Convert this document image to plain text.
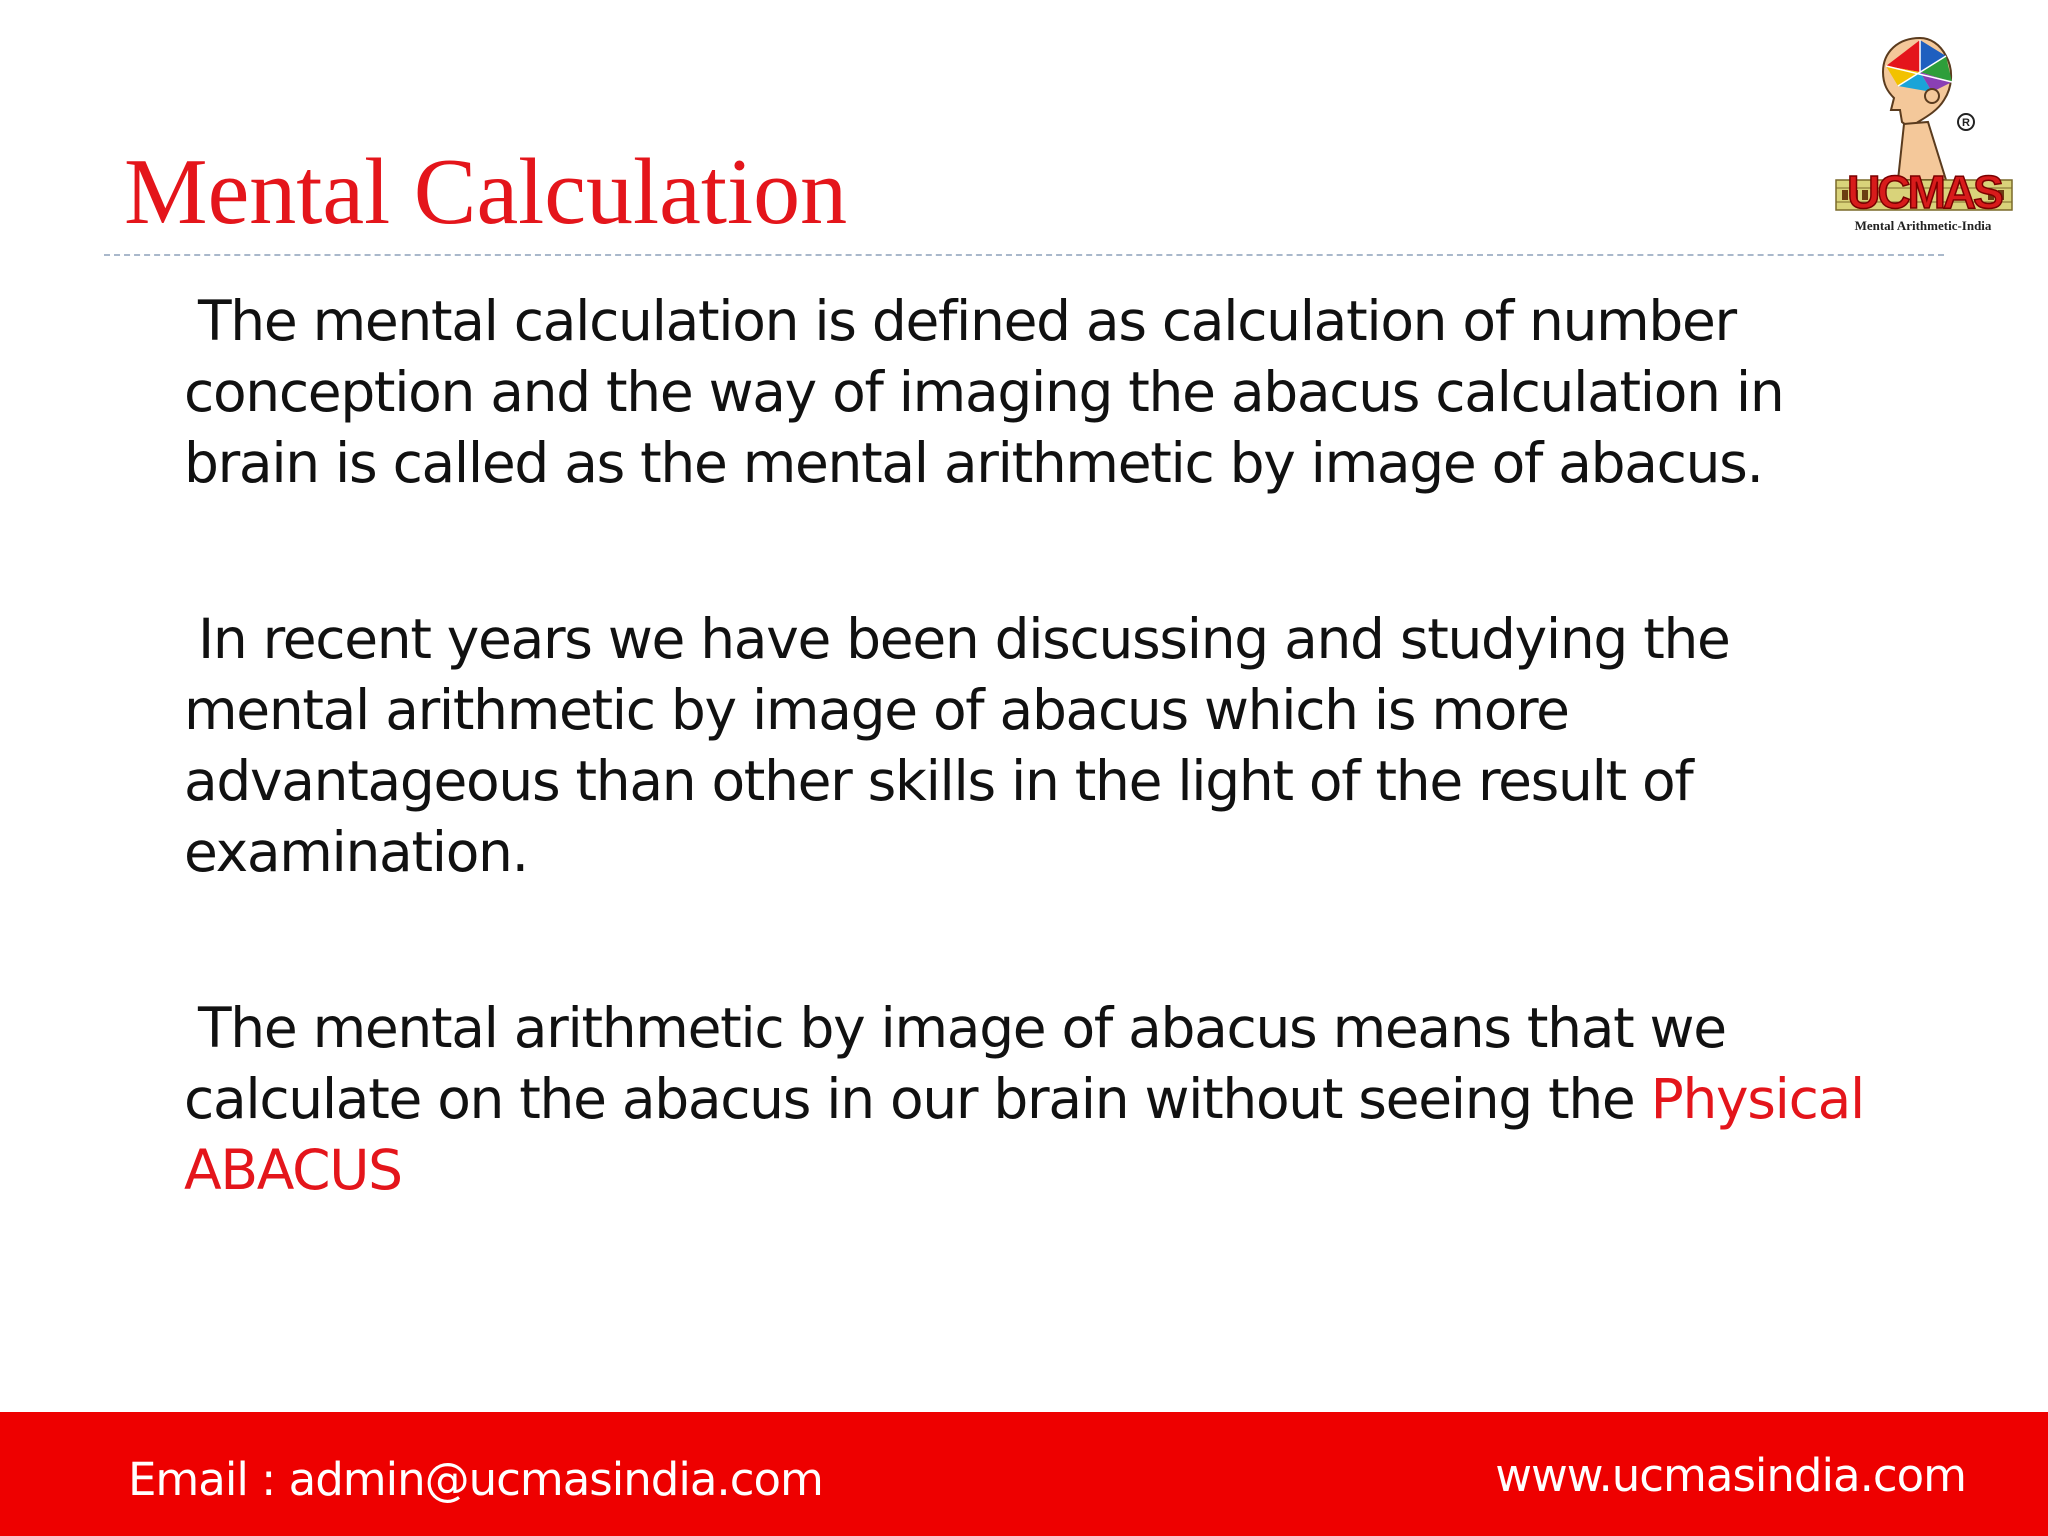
Mental Calculation
R
UCMAS
Mental Arithmetic-India

The mental calculation is defined as calculation of number conception and the way of imaging the abacus calculation in brain is called as the mental arithmetic by image of abacus.

In recent years we have been discussing and studying the mental arithmetic by image of abacus which is more advantageous than other skills in the light of the result of examination.

The mental arithmetic by image of abacus means that we calculate on the abacus in our brain without seeing the Physical ABACUS

Email : admin@ucmasindia.com	www.ucmasindia.com
